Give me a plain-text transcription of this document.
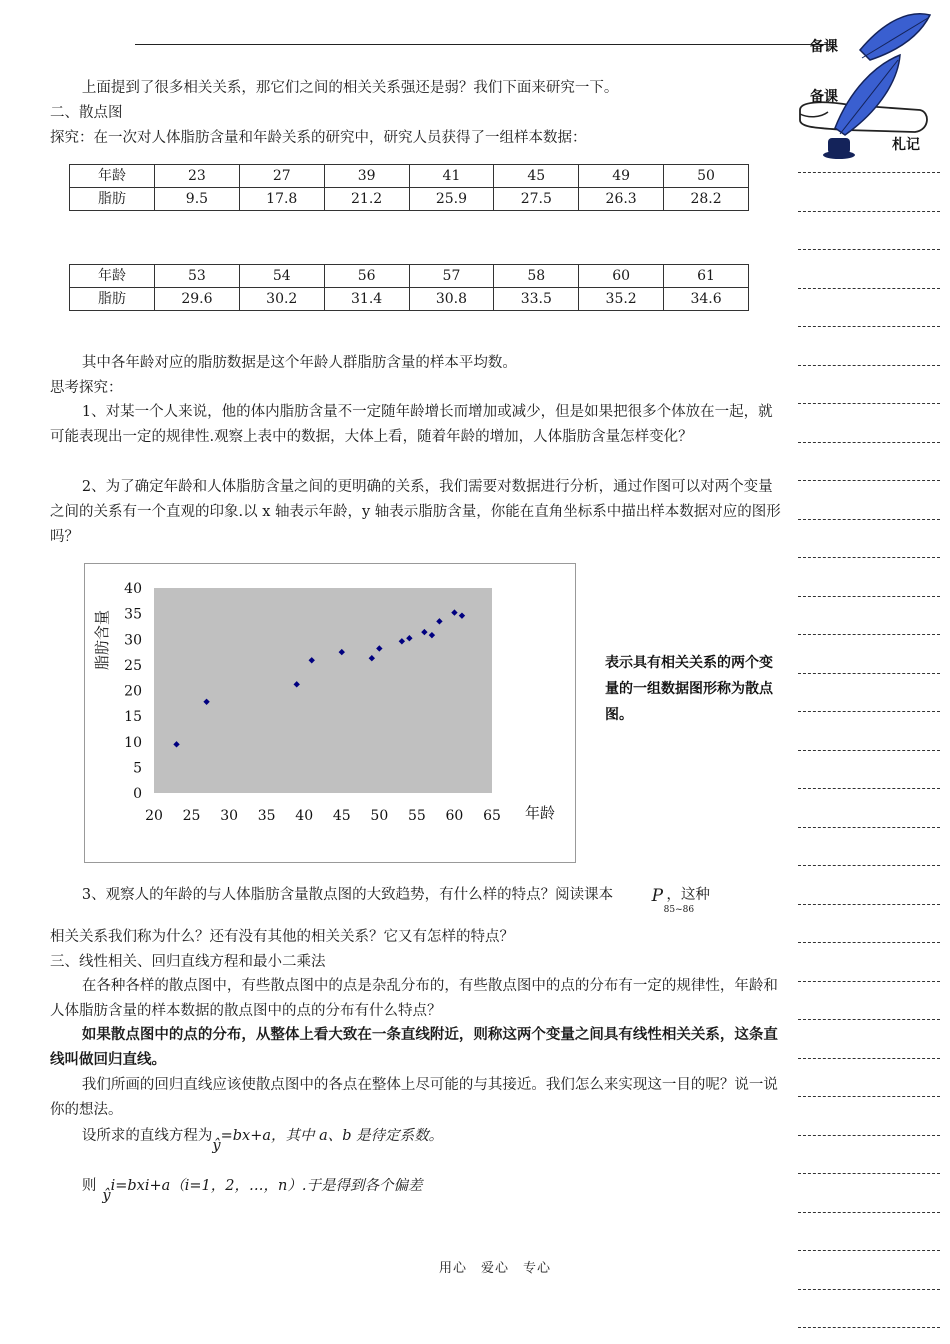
备课
备课
札记
上面提到了很多相关关系，那它们之间的相关关系强还是弱？我们下面来研究一下。
二、散点图
探究：在一次对人体脂肪含量和年龄关系的研究中，研究人员获得了一组样本数据：
年龄	23	27	39	41	45	49	50
脂肪	9.5	17.8	21.2	25.9	27.5	26.3	28.2
年龄	53	54	56	57	58	60	61
脂肪	29.6	30.2	31.4	30.8	33.5	35.2	34.6
其中各年龄对应的脂肪数据是这个年龄人群脂肪含量的样本平均数。
思考探究：
1、对某一个人来说，他的体内脂肪含量不一定随年龄增长而增加或减少，但是如果把很多个体放在一起，就可能表现出一定的规律性.观察上表中的数据，大体上看，随着年龄的增加，人体脂肪含量怎样变化？
2、为了确定年龄和人体脂肪含量之间的更明确的关系，我们需要对数据进行分析，通过作图可以对两个变量之间的关系有一个直观的印象.以 x 轴表示年龄，y 轴表示脂肪含量，你能在直角坐标系中描出样本数据对应的图形吗？
0
5
10
15
20
25
30
35
40
20 25 30 35 40 45 50 55 60 65
脂肪含量
年龄
表示具有相关关系的两个变量的一组数据图形称为散点图。
3、观察人的年龄的与人体脂肪含量散点图的大致趋势，有什么样的特点？阅读课本	P
85~86
，这种
相关关系我们称为什么？还有没有其他的相关关系？它又有怎样的特点？
三、线性相关、回归直线方程和最小二乘法
在各种各样的散点图中，有些散点图中的点是杂乱分布的，有些散点图中的点的分布有一定的规律性，年龄和人体脂肪含量的样本数据的散点图中的点的分布有什么特点？
如果散点图中的点的分布，从整体上看大致在一条直线附近，则称这两个变量之间具有线性相关关系，这条直线叫做回归直线。
我们所画的回归直线应该使散点图中的各点在整体上尽可能的与其接近。我们怎么来实现这一目的呢？说一说你的想法。
设所求的直线方程为ŷ=bx+a，其中 a、b 是待定系数。
则ŷi=bxi+a（i=1，2，…，n）.于是得到各个偏差
用心　爱心　专心
